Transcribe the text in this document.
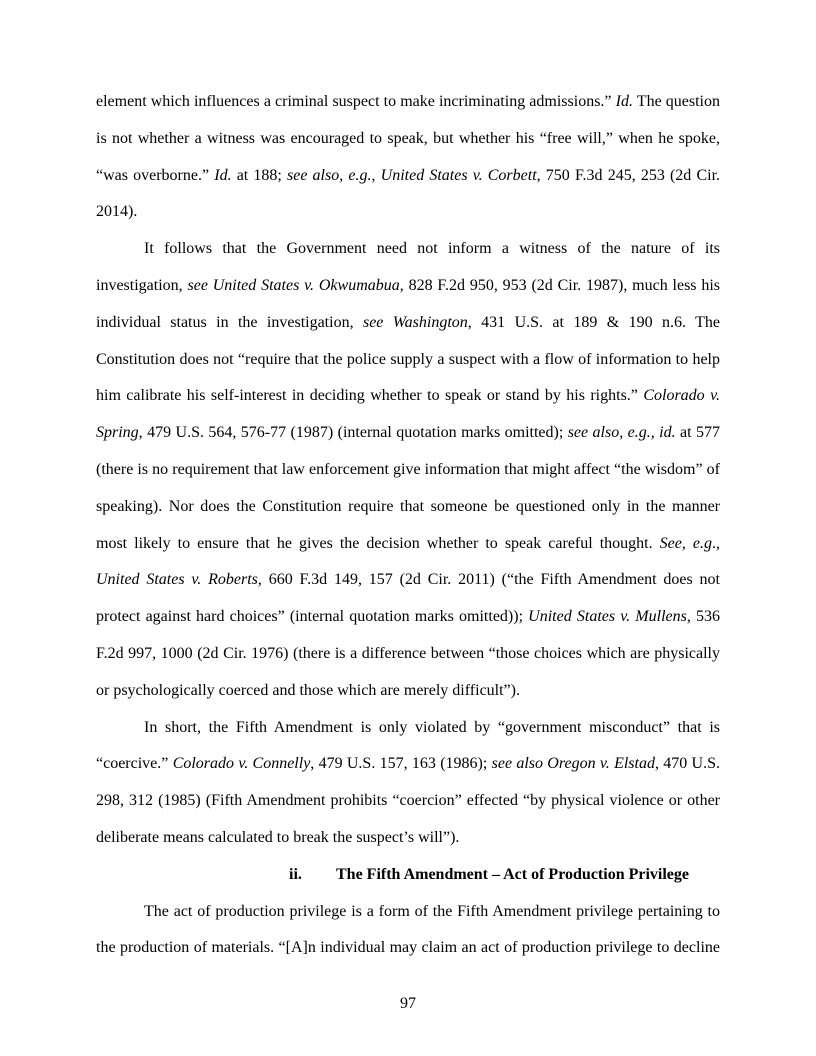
element which influences a criminal suspect to make incriminating admissions.” Id. The question is not whether a witness was encouraged to speak, but whether his “free will,” when he spoke, “was overborne.” Id. at 188; see also, e.g., United States v. Corbett, 750 F.3d 245, 253 (2d Cir. 2014).

It follows that the Government need not inform a witness of the nature of its investigation, see United States v. Okwumabua, 828 F.2d 950, 953 (2d Cir. 1987), much less his individual status in the investigation, see Washington, 431 U.S. at 189 & 190 n.6. The Constitution does not “require that the police supply a suspect with a flow of information to help him calibrate his self-interest in deciding whether to speak or stand by his rights.” Colorado v. Spring, 479 U.S. 564, 576-77 (1987) (internal quotation marks omitted); see also, e.g., id. at 577 (there is no requirement that law enforcement give information that might affect “the wisdom” of speaking). Nor does the Constitution require that someone be questioned only in the manner most likely to ensure that he gives the decision whether to speak careful thought. See, e.g., United States v. Roberts, 660 F.3d 149, 157 (2d Cir. 2011) (“the Fifth Amendment does not protect against hard choices” (internal quotation marks omitted)); United States v. Mullens, 536 F.2d 997, 1000 (2d Cir. 1976) (there is a difference between “those choices which are physically or psychologically coerced and those which are merely difficult”).

In short, the Fifth Amendment is only violated by “government misconduct” that is “coercive.” Colorado v. Connelly, 479 U.S. 157, 163 (1986); see also Oregon v. Elstad, 470 U.S. 298, 312 (1985) (Fifth Amendment prohibits “coercion” effected “by physical violence or other deliberate means calculated to break the suspect’s will”).

ii. The Fifth Amendment – Act of Production Privilege

The act of production privilege is a form of the Fifth Amendment privilege pertaining to the production of materials. “[A]n individual may claim an act of production privilege to decline

97
